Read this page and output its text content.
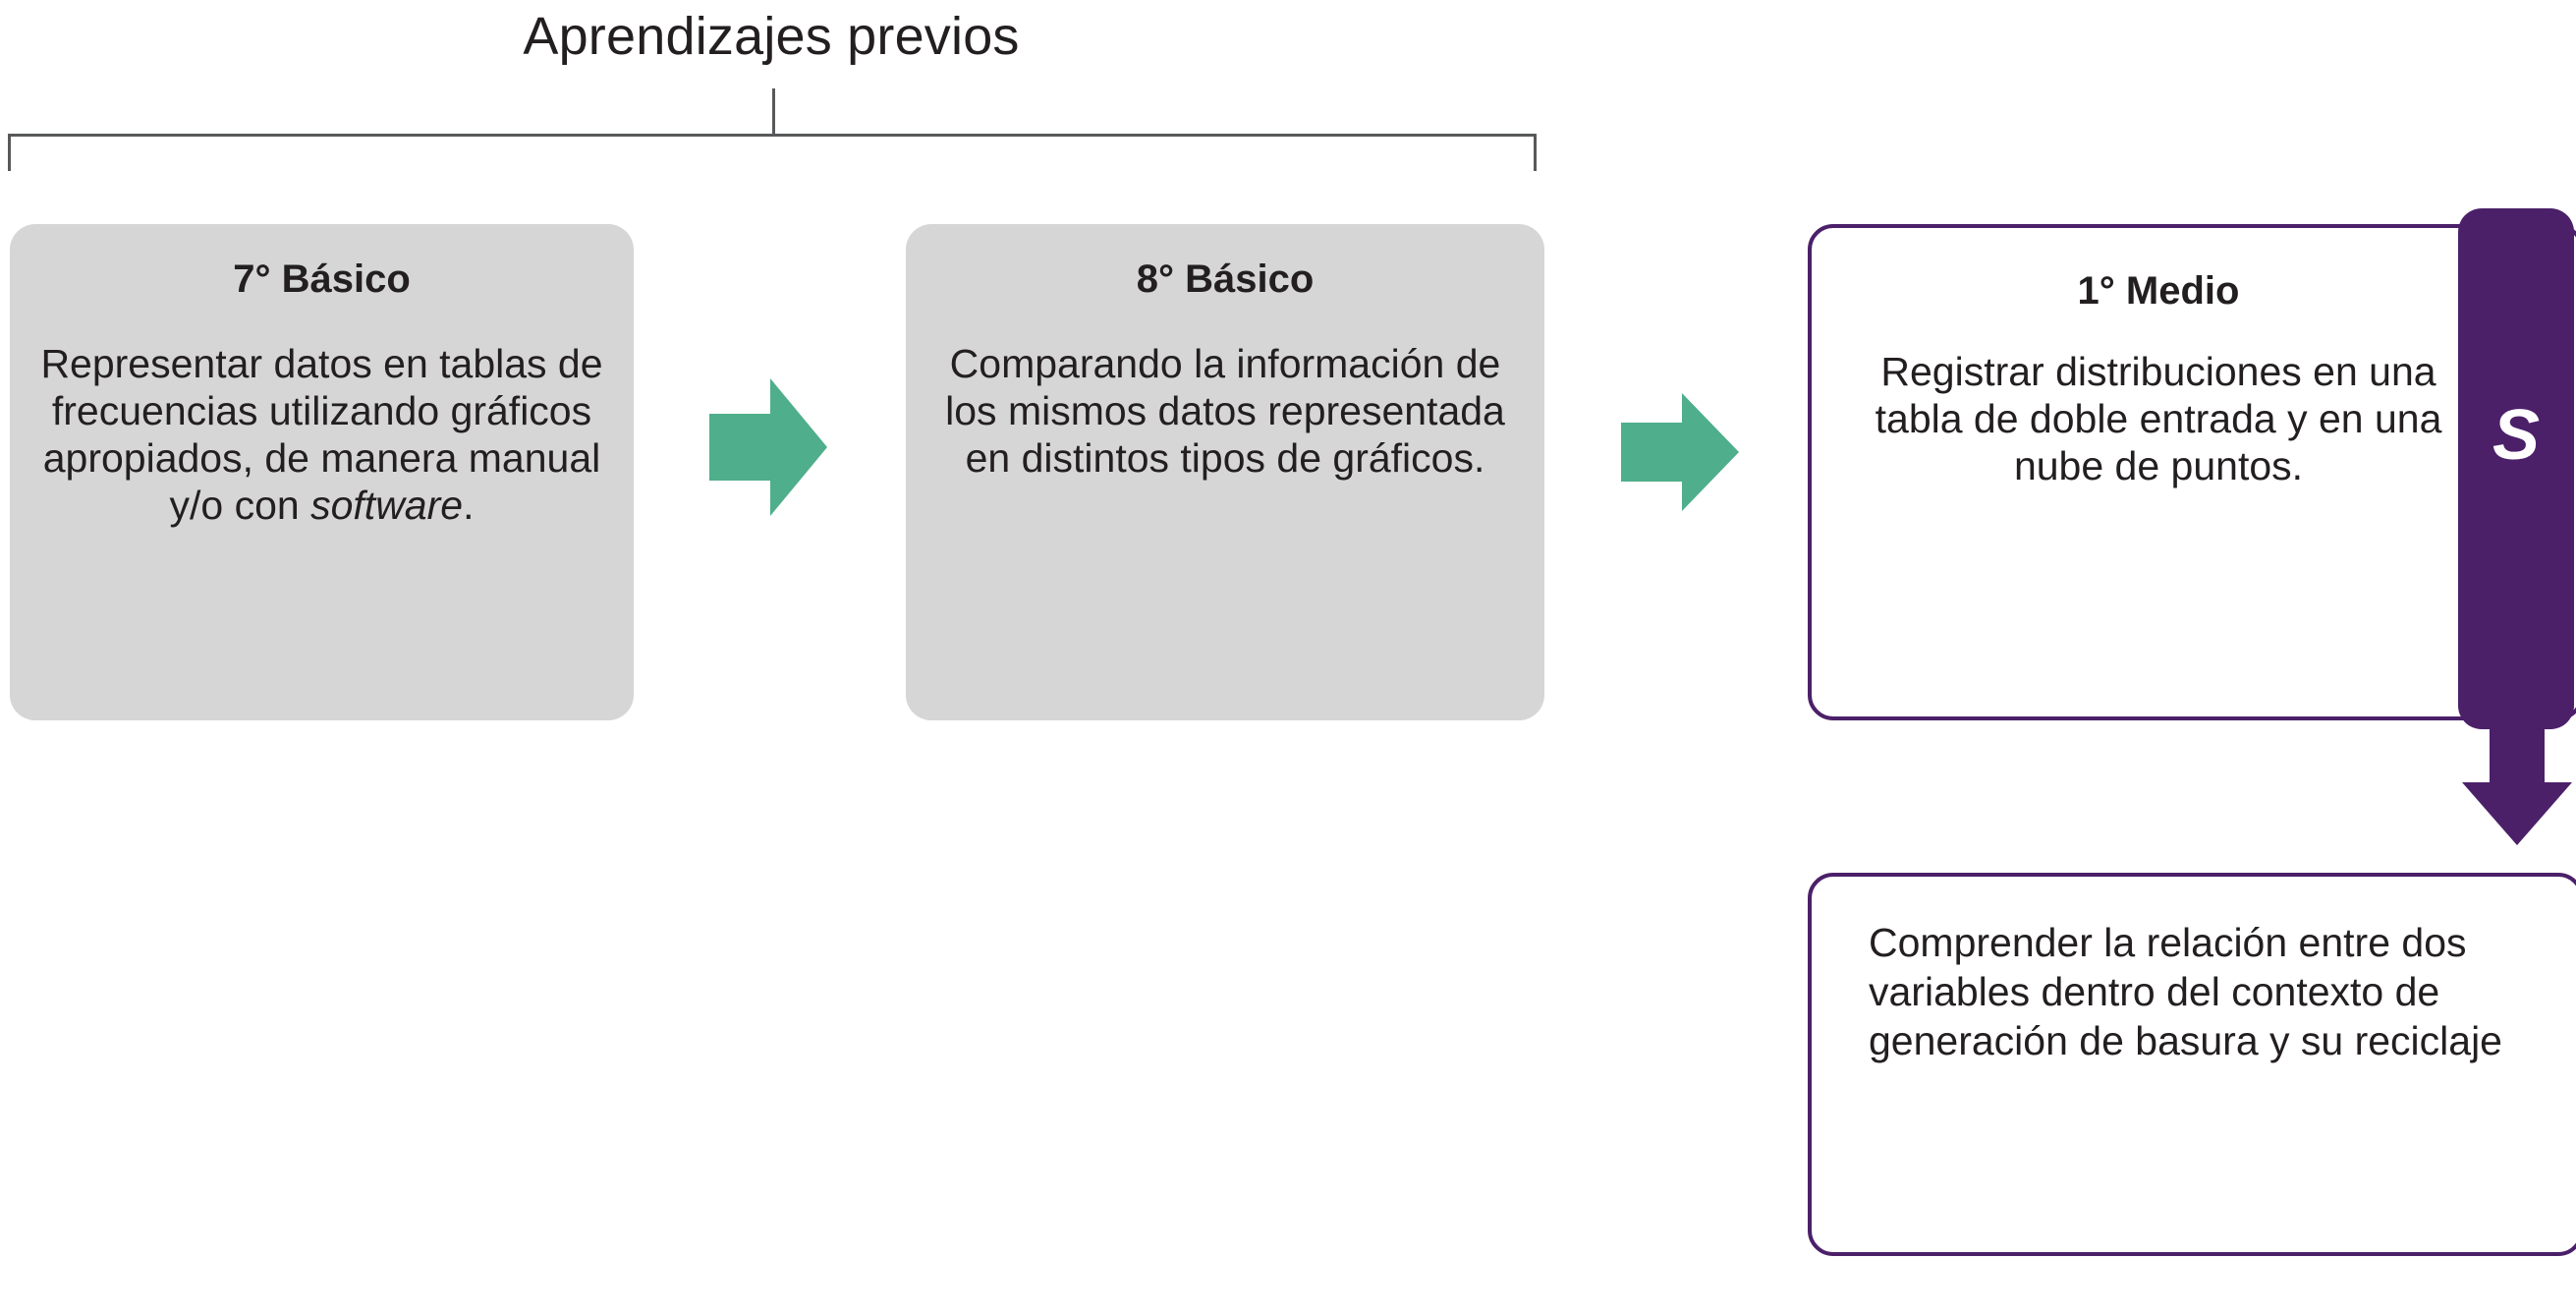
Aprendizajes previos
7° Básico
Representar datos en tablas de frecuencias utilizando gráficos apropiados, de manera manual y/o con software.
8° Básico
Comparando la información de los mismos datos representada en distintos tipos de gráficos.
1° Medio
Registrar distribuciones en una tabla de doble entrada y en una nube de puntos.	S
Comprender la relación entre dos variables dentro del contexto de generación de basura y su reciclaje
